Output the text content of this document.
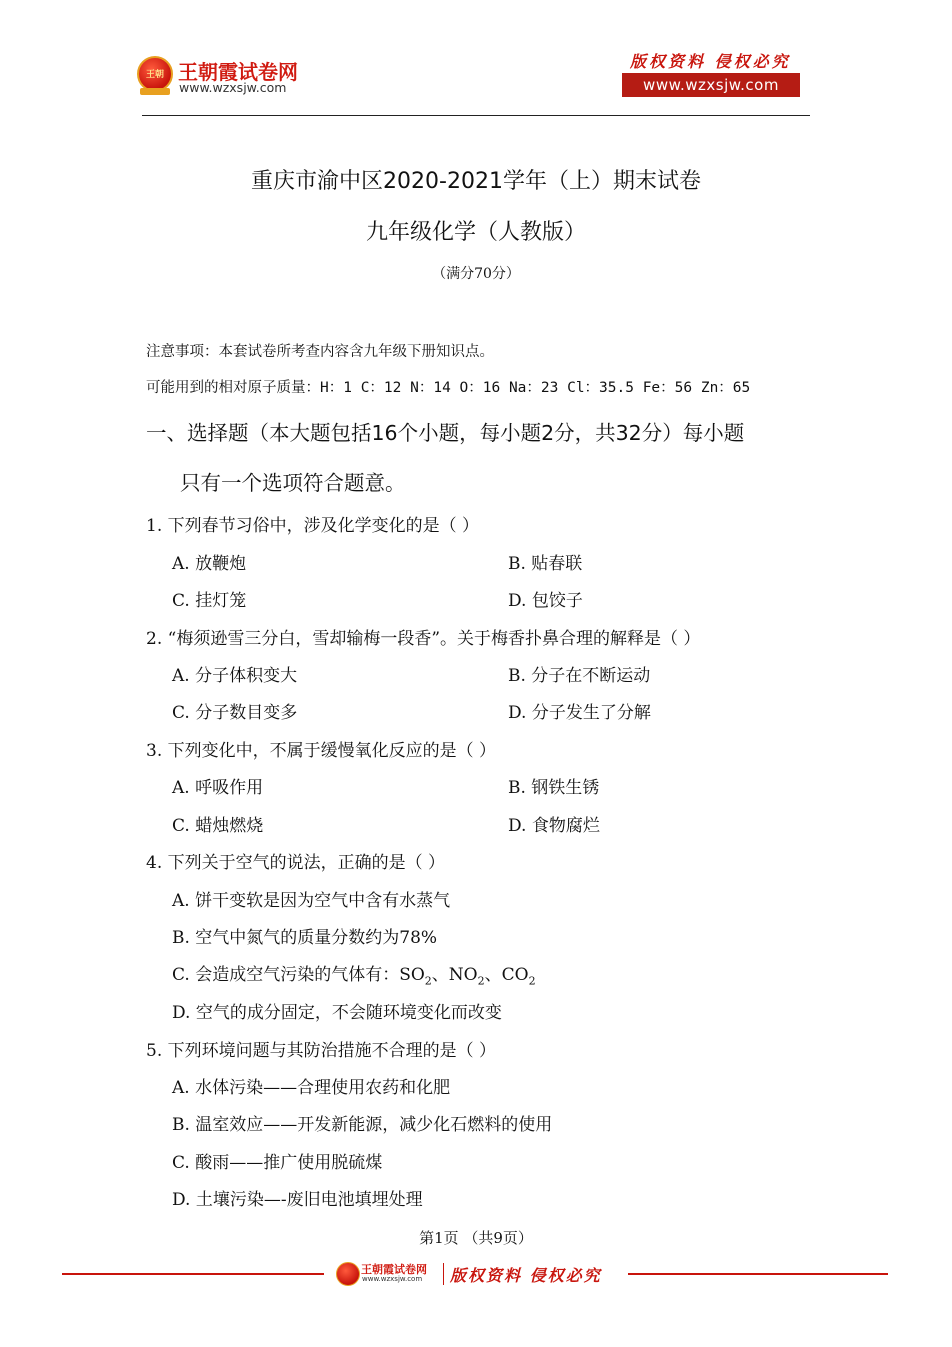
王朝 王朝霞试卷网
www.wzxsjw.com
版权资料 侵权必究
www.wzxsjw.com
重庆市渝中区2020-2021学年（上）期末试卷
九年级化学（人教版）
（满分70分）
注意事项：本套试卷所考查内容含九年级下册知识点。
可能用到的相对原子质量：H：1 C：12 N：14 O：16 Na：23 Cl：35.5 Fe：56 Zn：65
一、选择题（本大题包括16个小题，每小题2分，共32分）每小题
只有一个选项符合题意。
1. 下列春节习俗中，涉及化学变化的是（ ）
A. 放鞭炮	B. 贴春联
C. 挂灯笼	D. 包饺子
2. “梅须逊雪三分白，雪却输梅一段香”。关于梅香扑鼻合理的解释是（ ）
A. 分子体积变大	B. 分子在不断运动
C. 分子数目变多	D. 分子发生了分解
3. 下列变化中，不属于缓慢氧化反应的是（ ）
A. 呼吸作用	B. 钢铁生锈
C. 蜡烛燃烧	D. 食物腐烂
4. 下列关于空气的说法，正确的是（ ）
A. 饼干变软是因为空气中含有水蒸气
B. 空气中氮气的质量分数约为78%
C. 会造成空气污染的气体有：$SO_2$、$NO_2$、$CO_2$
D. 空气的成分固定，不会随环境变化而改变
5. 下列环境问题与其防治措施不合理的是（ ）
A. 水体污染——合理使用农药和化肥
B. 温室效应——开发新能源，减少化石燃料的使用
C. 酸雨——推广使用脱硫煤
D. 土壤污染—-废旧电池填埋处理
第1页 （共9页）
王朝霞试卷网
www.wzxsjw.com 版权资料 侵权必究
